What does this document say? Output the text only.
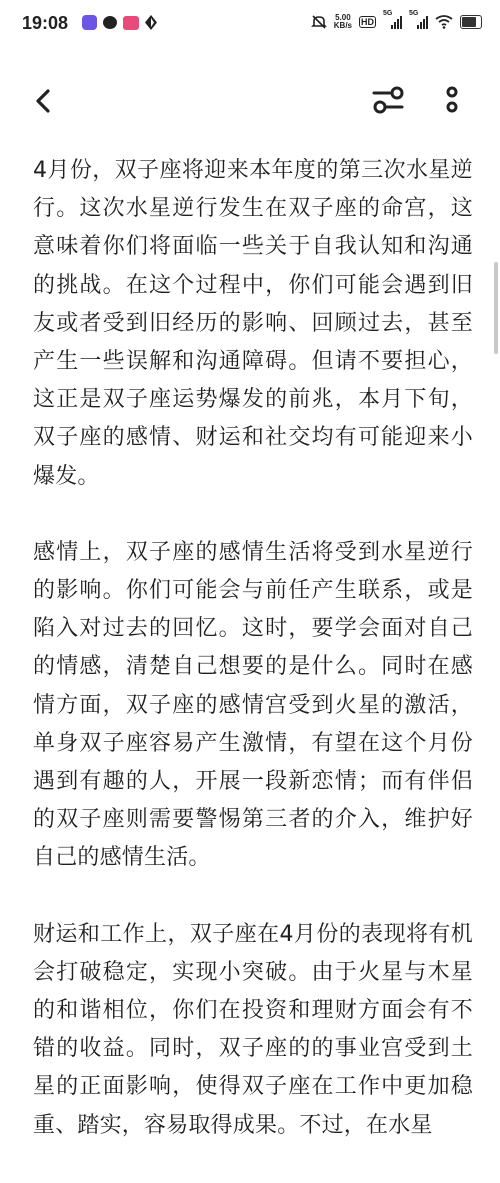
19:08	5.00
KB/s HD
5G 5G

4月份，双子座将迎来本年度的第三次水星逆行。这次水星逆行发生在双子座的命宫，这意味着你们将面临一些关于自我认知和沟通的挑战。在这个过程中，你们可能会遇到旧友或者受到旧经历的影响、回顾过去，甚至产生一些误解和沟通障碍。但请不要担心，这正是双子座运势爆发的前兆，本月下旬，双子座的感情、财运和社交均有可能迎来小爆发。

感情上，双子座的感情生活将受到水星逆行的影响。你们可能会与前任产生联系，或是陷入对过去的回忆。这时，要学会面对自己的情感，清楚自己想要的是什么。同时在感情方面，双子座的感情宫受到火星的激活，单身双子座容易产生激情，有望在这个月份遇到有趣的人，开展一段新恋情；而有伴侣的双子座则需要警惕第三者的介入，维护好自己的感情生活。

财运和工作上，双子座在4月份的表现将有机会打破稳定，实现小突破。由于火星与木星的和谐相位，你们在投资和理财方面会有不错的收益。同时，双子座的的事业宫受到土星的正面影响，使得双子座在工作中更加稳重、踏实，容易取得成果。不过，在水星
